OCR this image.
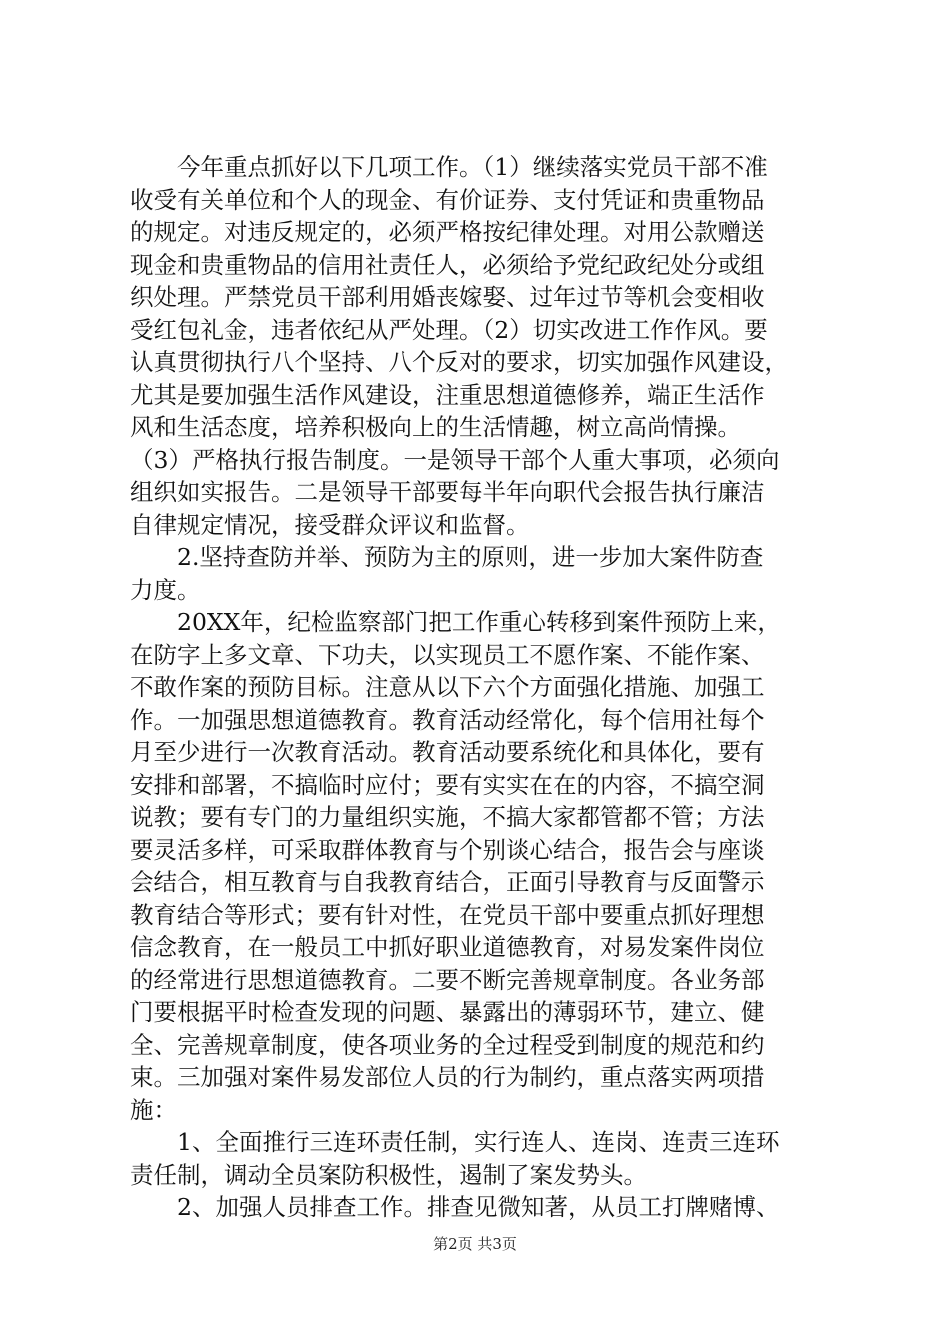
　　今年重点抓好以下几项工作。（1）继续落实党员干部不准
收受有关单位和个人的现金、有价证券、支付凭证和贵重物品
的规定。对违反规定的，必须严格按纪律处理。对用公款赠送
现金和贵重物品的信用社责任人，必须给予党纪政纪处分或组
织处理。严禁党员干部利用婚丧嫁娶、过年过节等机会变相收
受红包礼金，违者依纪从严处理。（2）切实改进工作作风。要
认真贯彻执行八个坚持、八个反对的要求，切实加强作风建设，
尤其是要加强生活作风建设，注重思想道德修养，端正生活作
风和生活态度，培养积极向上的生活情趣，树立高尚情操。
（3）严格执行报告制度。一是领导干部个人重大事项，必须向
组织如实报告。二是领导干部要每半年向职代会报告执行廉洁
自律规定情况，接受群众评议和监督。
　　2.坚持查防并举、预防为主的原则，进一步加大案件防查
力度。
　　20XX年，纪检监察部门把工作重心转移到案件预防上来，
在防字上多文章、下功夫，以实现员工不愿作案、不能作案、
不敢作案的预防目标。注意从以下六个方面强化措施、加强工
作。一加强思想道德教育。教育活动经常化，每个信用社每个
月至少进行一次教育活动。教育活动要系统化和具体化，要有
安排和部署，不搞临时应付；要有实实在在的内容，不搞空洞
说教；要有专门的力量组织实施，不搞大家都管都不管；方法
要灵活多样，可采取群体教育与个别谈心结合，报告会与座谈
会结合，相互教育与自我教育结合，正面引导教育与反面警示
教育结合等形式；要有针对性，在党员干部中要重点抓好理想
信念教育，在一般员工中抓好职业道德教育，对易发案件岗位
的经常进行思想道德教育。二要不断完善规章制度。各业务部
门要根据平时检查发现的问题、暴露出的薄弱环节，建立、健
全、完善规章制度，使各项业务的全过程受到制度的规范和约
束。三加强对案件易发部位人员的行为制约，重点落实两项措
施：
　　1、全面推行三连环责任制，实行连人、连岗、连责三连环
责任制，调动全员案防积极性，遏制了案发势头。
　　2、加强人员排查工作。排查见微知著，从员工打牌赌博、
第2页 共3页
